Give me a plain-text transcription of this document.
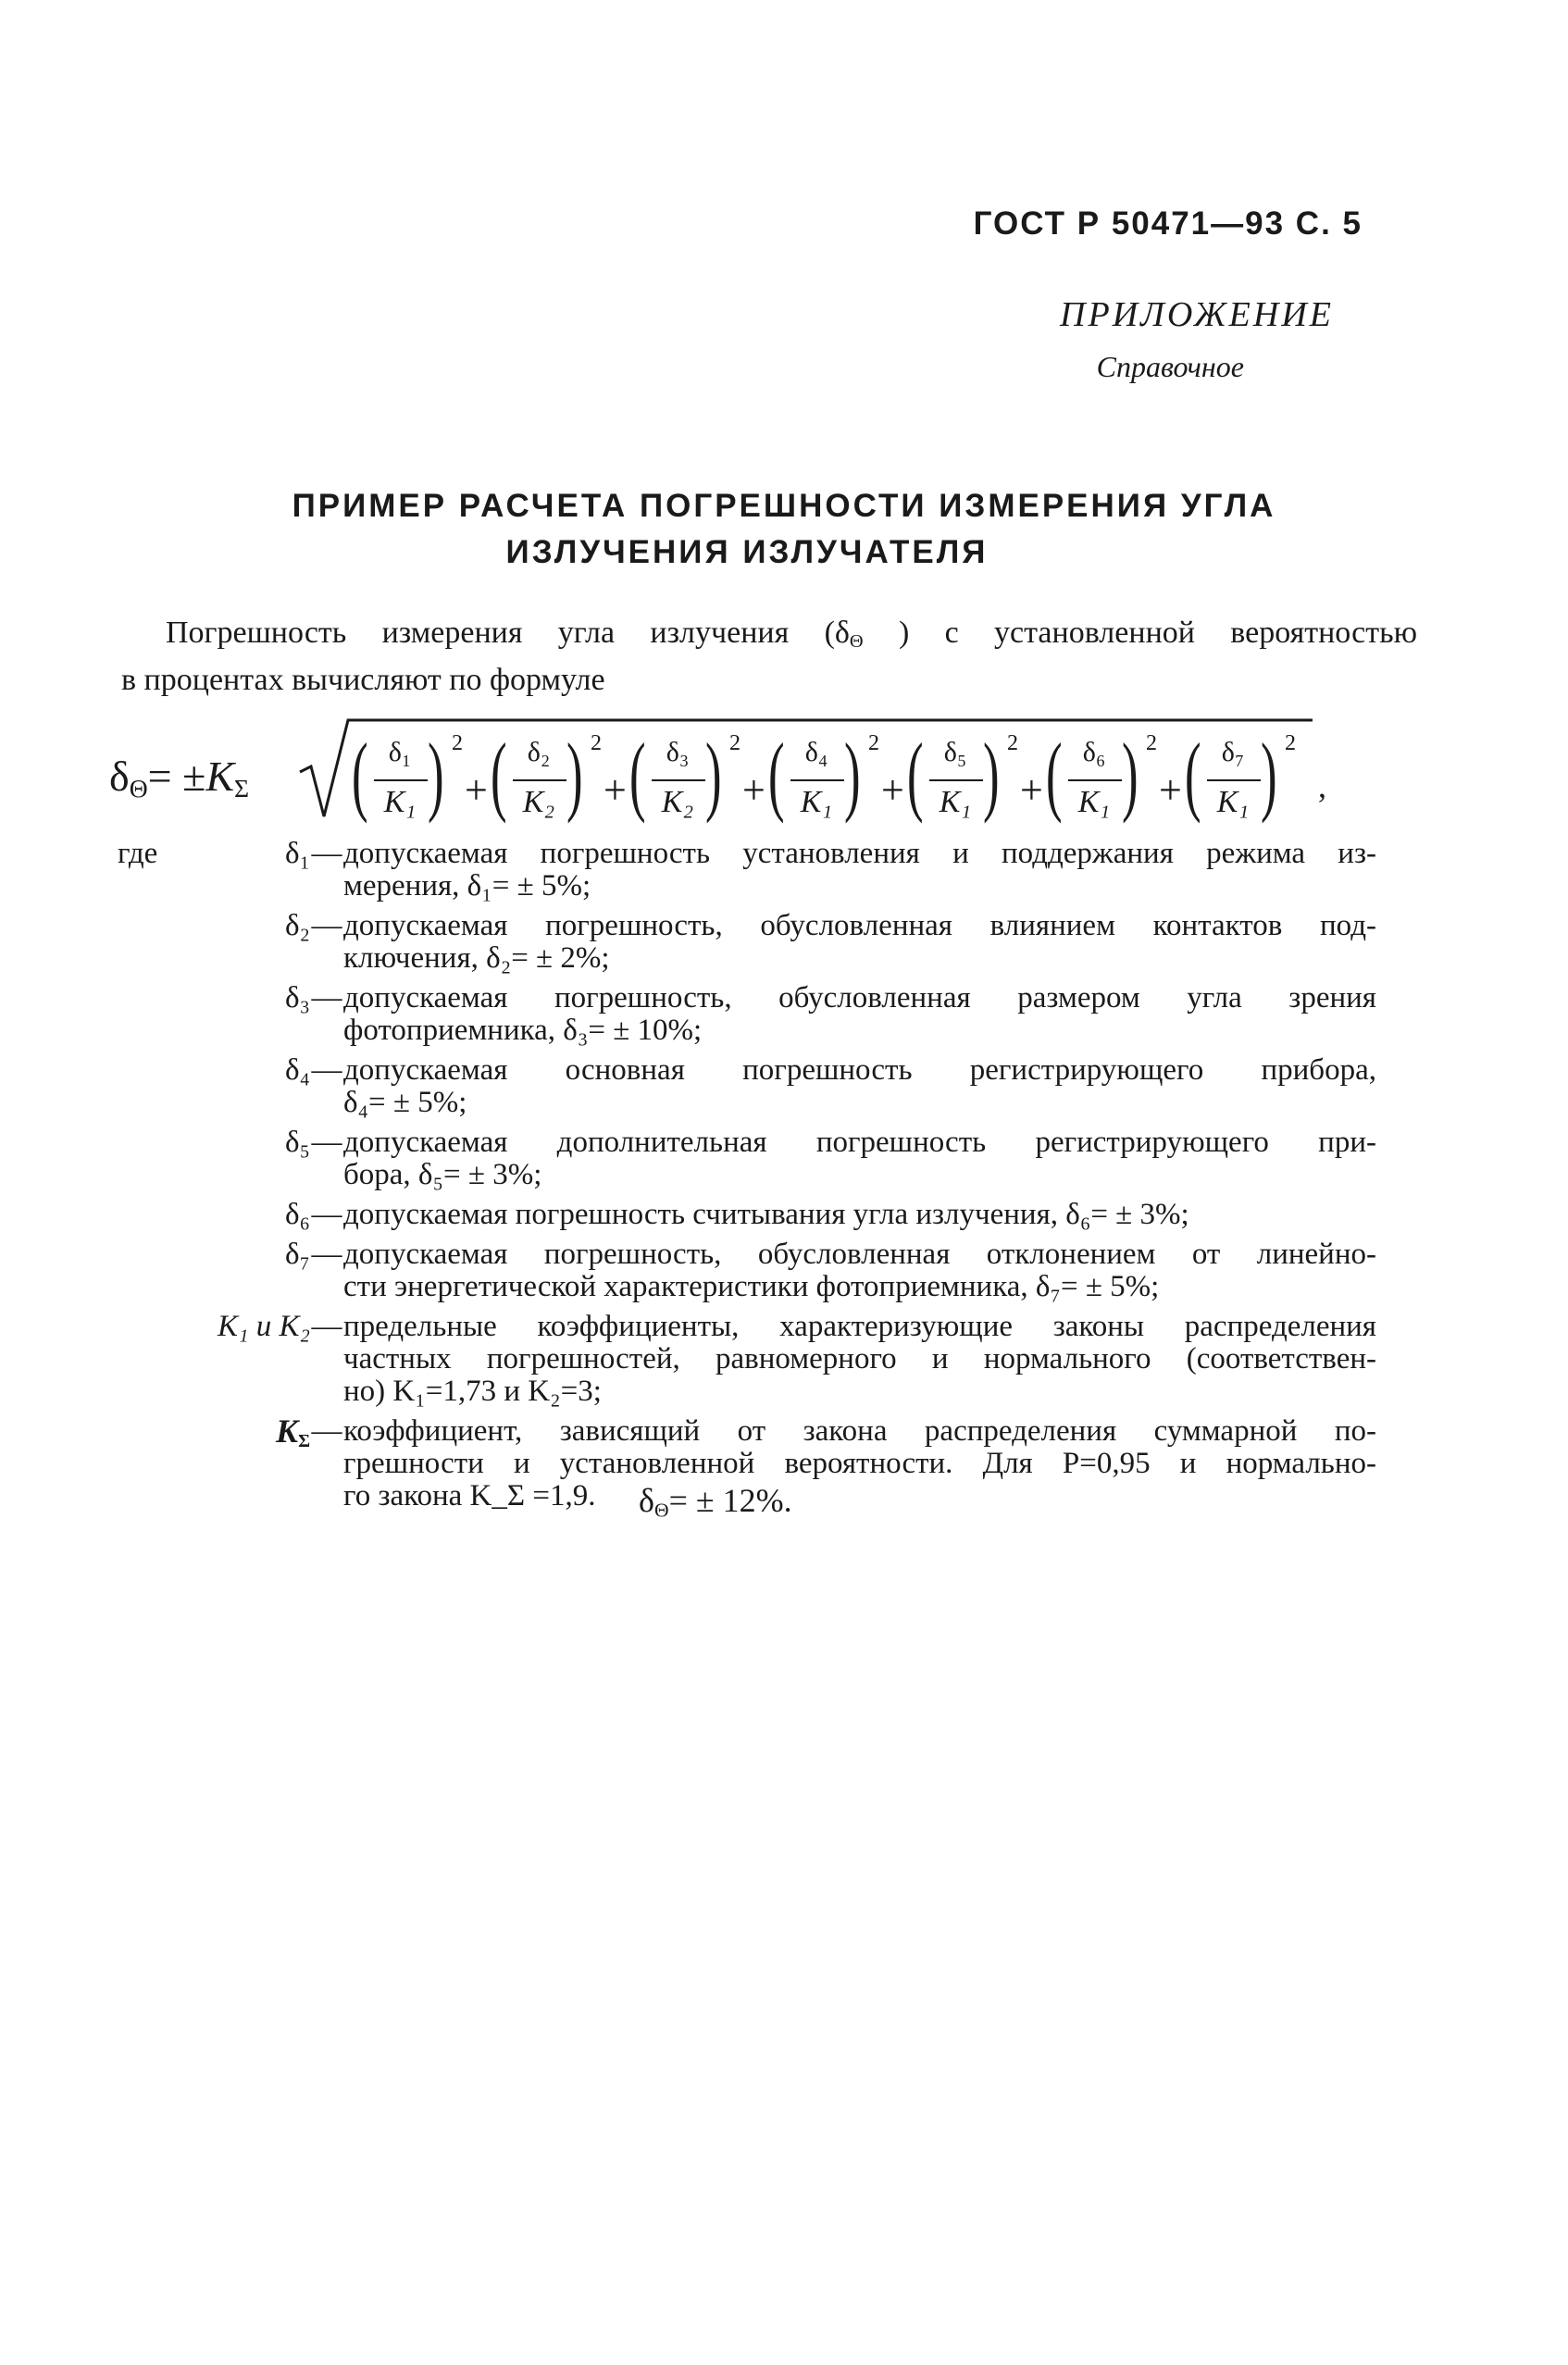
ГОСТ Р 50471—93 С. 5
ПРИЛОЖЕНИЕ
Справочное
ПРИМЕР РАСЧЕТА ПОГРЕШНОСТИ ИЗМЕРЕНИЯ УГЛА
ИЗЛУЧЕНИЯ ИЗЛУЧАТЕЛЯ
Погрешность измерения угла излучения ($\delta_\Theta$ ) с установленной вероятностью
в процентах вычисляют по формуле
$\delta_\Theta= \pm K_\Sigma$ ( δ₁
K₁ ) 2
+ ( δ₂
K₂ ) 2
+ ( δ₃
K₂ ) 2
+ ( δ₄
K₁ ) 2
+ ( δ₅
K₁ ) 2
+ ( δ₆
K₁ ) 2
+ ( δ₇
K₁ ) 2
,
где	δ₁ — допускаемая погрешность установления и поддержания режима из-
мерения, δ₁= ± 5%;
δ₂ — допускаемая погрешность, обусловленная влиянием контактов под-
ключения, δ₂= ± 2%;
δ₃ — допускаемая погрешность, обусловленная размером угла зрения
фотоприемника, δ₃= ± 10%;
δ₄ — допускаемая основная погрешность регистрирующего прибора,
δ₄= ± 5%;
δ₅ — допускаемая дополнительная погрешность регистрирующего при-
бора, δ₅= ± 3%;
δ₆ — допускаемая погрешность считывания угла излучения, δ₆= ± 3%;
δ₇ — допускаемая погрешность, обусловленная отклонением от линейно-
сти энергетической характеристики фотоприемника, δ₇= ± 5%;
K₁ и K₂ — предельные коэффициенты, характеризующие законы распределения
частных погрешностей, равномерного и нормального (соответствен-
но) K₁=1,73 и K₂=3;
$K_\Sigma$ — коэффициент, зависящий от закона распределения суммарной по-
грешности и установленной вероятности. Для P=0,95 и нормально-
го закона K_Σ =1,9.	$\delta_\Theta= \pm 12\%$.
